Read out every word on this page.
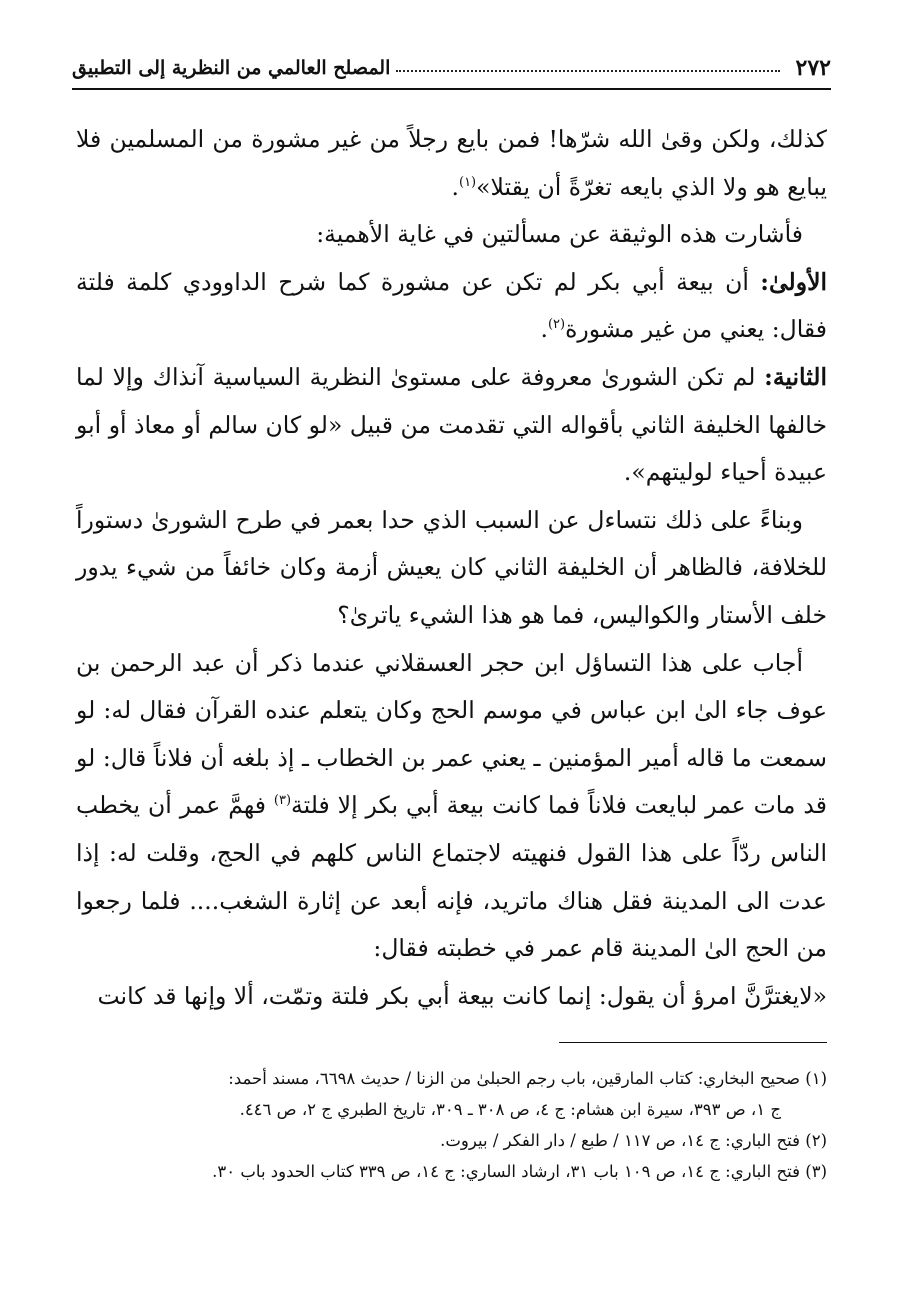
٢٧٢
المصلح العالمي من النظرية إلى التطبيق

كذلك، ولكن وقىٰ الله شرّها! فمن بايع رجلاً من غير مشورة من المسلمين فلا يبايع هو ولا الذي بايعه تغرّةً أن يقتلا»$^{(١)}$.

فأشارت هذه الوثيقة عن مسألتين في غاية الأهمية:

الأولىٰ: أن بيعة أبي بكر لم تكن عن مشورة كما شرح الداوودي كلمة فلتة فقال: يعني من غير مشورة$^{(٢)}$.

الثانية: لم تكن الشورىٰ معروفة على مستوىٰ النظرية السياسية آنذاك وإلا لما خالفها الخليفة الثاني بأقواله التي تقدمت من قبيل «لو كان سالم أو معاذ أو أبو عبيدة أحياء لوليتهم».

وبناءً على ذلك نتساءل عن السبب الذي حدا بعمر في طرح الشورىٰ دستوراً للخلافة، فالظاهر أن الخليفة الثاني كان يعيش أزمة وكان خائفاً من شيء يدور خلف الأستار والكواليس، فما هو هذا الشيء ياترىٰ؟

أجاب على هذا التساؤل ابن حجر العسقلاني عندما ذكر أن عبد الرحمن بن عوف جاء الىٰ ابن عباس في موسم الحج وكان يتعلم عنده القرآن فقال له: لو سمعت ما قاله أمير المؤمنين ـ يعني عمر بن الخطاب ـ إذ بلغه أن فلاناً قال: لو قد مات عمر لبايعت فلاناً فما كانت بيعة أبي بكر إلا فلتة$^{(٣)}$ فهمَّ عمر أن يخطب الناس ردّاً على هذا القول فنهيته لاجتماع الناس كلهم في الحج، وقلت له: إذا عدت الى المدينة فقل هناك ماتريد، فإنه أبعد عن إثارة الشغب.... فلما رجعوا من الحج الىٰ المدينة قام عمر في خطبته فقال:

«لايغترَّنَّ امرؤ أن يقول: إنما كانت بيعة أبي بكر فلتة وتمّت، ألا وإنها قد كانت

(١) صحيح البخاري: كتاب المارقين، باب رجم الحبلىٰ من الزنا / حديث ٦٦٩٨، مسند أحمد:

ج ١، ص ٣٩٣، سيرة ابن هشام: ج ٤، ص ٣٠٨ ـ ٣٠٩، تاريخ الطبري ج ٢، ص ٤٤٦.

(٢) فتح الباري: ج ١٤، ص ١١٧ / طبع / دار الفكر / بيروت.

(٣) فتح الباري: ج ١٤، ص ١٠٩ باب ٣١، ارشاد الساري: ج ١٤، ص ٣٣٩ كتاب الحدود باب ٣٠.
